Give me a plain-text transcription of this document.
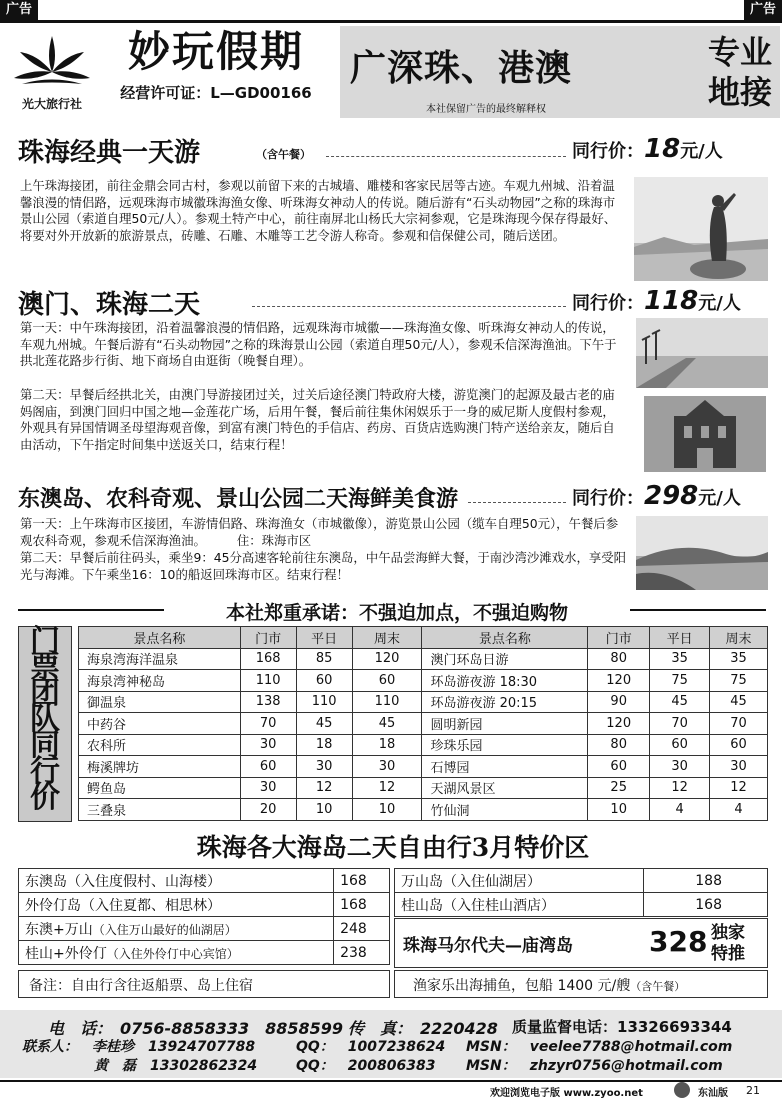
广告	广告
光大旅行社
妙玩假期
经营许可证：L—GD00166
广深珠、港澳
本社保留广告的最终解释权
专业
地接
珠海经典一天游	（含午餐）	同行价：18元/人
上午珠海接团，前往金鼎会同古村，参观以前留下来的古城墙、雕楼和客家民居等古迹。车观九州城、沿着温馨浪漫的情侣路，远观珠海市城徽珠海渔女像、听珠海女神动人的传说。随后游有“石头动物园”之称的珠海市景山公园（索道自理50元/人）。参观土特产中心，前往南屏北山杨氏大宗祠参观，它是珠海现今保存得最好、将要对外开放新的旅游景点，砖雕、石雕、木雕等工艺令游人称奇。参观和信保健公司，随后送团。
澳门、珠海二天	同行价：118元/人
第一天：中午珠海接团，沿着温馨浪漫的情侣路，远观珠海市城徽——珠海渔女像、听珠海女神动人的传说，车观九州城。午餐后游有“石头动物园”之称的珠海景山公园（索道自理50元/人），参观禾信深海渔油。下午于拱北莲花路步行街、地下商场自由逛街（晚餐自理）。
第二天：早餐后经拱北关，由澳门导游接团过关，过关后途径澳门特政府大楼，游览澳门的起源及最古老的庙妈阁庙，到澳门回归中国之地—金莲花广场，后用午餐，餐后前往集休闲娱乐于一身的威尼斯人度假村参观，外观具有异国情调圣母望海观音像，到富有澳门特色的手信店、药房、百货店选购澳门特产送给亲友，随后自由活动，下午指定时间集中送返关口，结束行程！
东澳岛、农科奇观、景山公园二天海鲜美食游	同行价：298元/人
第一天：上午珠海市区接团，车游情侣路、珠海渔女（市城徽像），游览景山公园（缆车自理50元），午餐后参观农科奇观，参观禾信深海渔油。　　　住：珠海市区
第二天：早餐后前往码头，乘坐9：45分高速客轮前往东澳岛，中午品尝海鲜大餐，于南沙湾沙滩戏水，享受阳光与海滩。下午乘坐16：10的船返回珠海市区。结束行程！
本社郑重承诺：不强迫加点，不强迫购物
门票团队同行价
景点名称	门市	平日	周末	景点名称	门市	平日	周末
海泉湾海洋温泉	168	85	120	澳门环岛日游	80	35	35
海泉湾神秘岛	110	60	60	环岛游夜游 18:30	120	75	75
御温泉	138	110	110	环岛游夜游 20:15	90	45	45
中药谷	70	45	45	圆明新园	120	70	70
农科所	30	18	18	珍珠乐园	80	60	60
梅溪牌坊	60	30	30	石博园	60	30	30
鳄鱼岛	30	12	12	天湖风景区	25	12	12
三叠泉	20	10	10	竹仙洞	10	4	4
珠海各大海岛二天自由行3月特价区
东澳岛（入住度假村、山海楼）	168
外伶仃岛（入住夏都、相思林）	168
东澳+万山（入住万山最好的仙湖居）	248
桂山+外伶仃（入住外伶仃中心宾馆）	238
万山岛（入住仙湖居）	188
桂山岛（入住桂山酒店）	168
珠海马尔代夫—庙湾岛	328 独家
特推
备注：自由行含往返船票、岛上住宿	渔家乐出海捕鱼，包船 1400 元/艘（含午餐）
电　话：　0756-8858333　8858599 传　真：　2220428 质量监督电话：13326693344
联系人：　李桂珍　13924707788	QQ：　1007238624 MSN：　veelee7788@hotmail.com
黄　磊　13302862324	QQ：　200806383 MSN：　zhzyr0756@hotmail.com
欢迎浏览电子版 www.zyoo.net	东汕版 21
